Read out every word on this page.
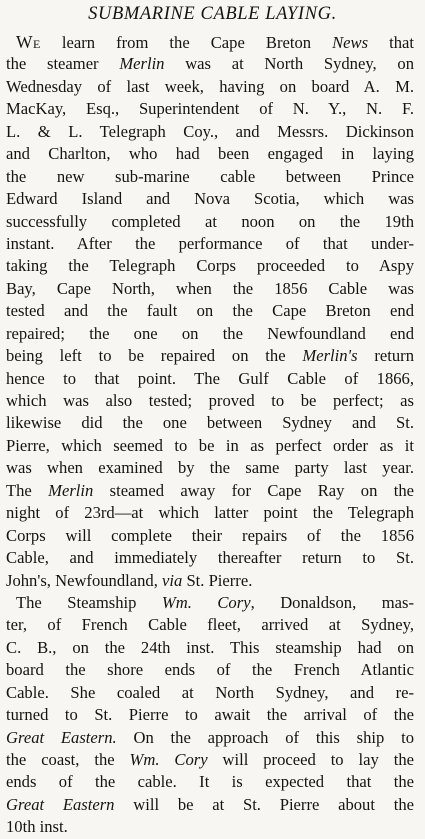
SUBMARINE CABLE LAYING.
We learn from the Cape Breton News that
the steamer Merlin was at North Sydney, on
Wednesday of last week, having on board A. M.
MacKay, Esq., Superintendent of N. Y., N. F.
L. & L. Telegraph Coy., and Messrs. Dickinson
and Charlton, who had been engaged in laying
the new sub-marine cable between Prince
Edward Island and Nova Scotia, which was
successfully completed at noon on the 19th
instant. After the performance of that under-
taking the Telegraph Corps proceeded to Aspy
Bay, Cape North, when the 1856 Cable was
tested and the fault on the Cape Breton end
repaired; the one on the Newfoundland end
being left to be repaired on the Merlin's return
hence to that point. The Gulf Cable of 1866,
which was also tested; proved to be perfect; as
likewise did the one between Sydney and St.
Pierre, which seemed to be in as perfect order as it
was when examined by the same party last year.
The Merlin steamed away for Cape Ray on the
night of 23rd—at which latter point the Telegraph
Corps will complete their repairs of the 1856
Cable, and immediately thereafter return to St.
John's, Newfoundland, via St. Pierre.
The Steamship Wm. Cory, Donaldson, mas-
ter, of French Cable fleet, arrived at Sydney,
C. B., on the 24th inst. This steamship had on
board the shore ends of the French Atlantic
Cable. She coaled at North Sydney, and re-
turned to St. Pierre to await the arrival of the
Great Eastern. On the approach of this ship to
the coast, the Wm. Cory will proceed to lay the
ends of the cable. It is expected that the
Great Eastern will be at St. Pierre about the
10th inst.
